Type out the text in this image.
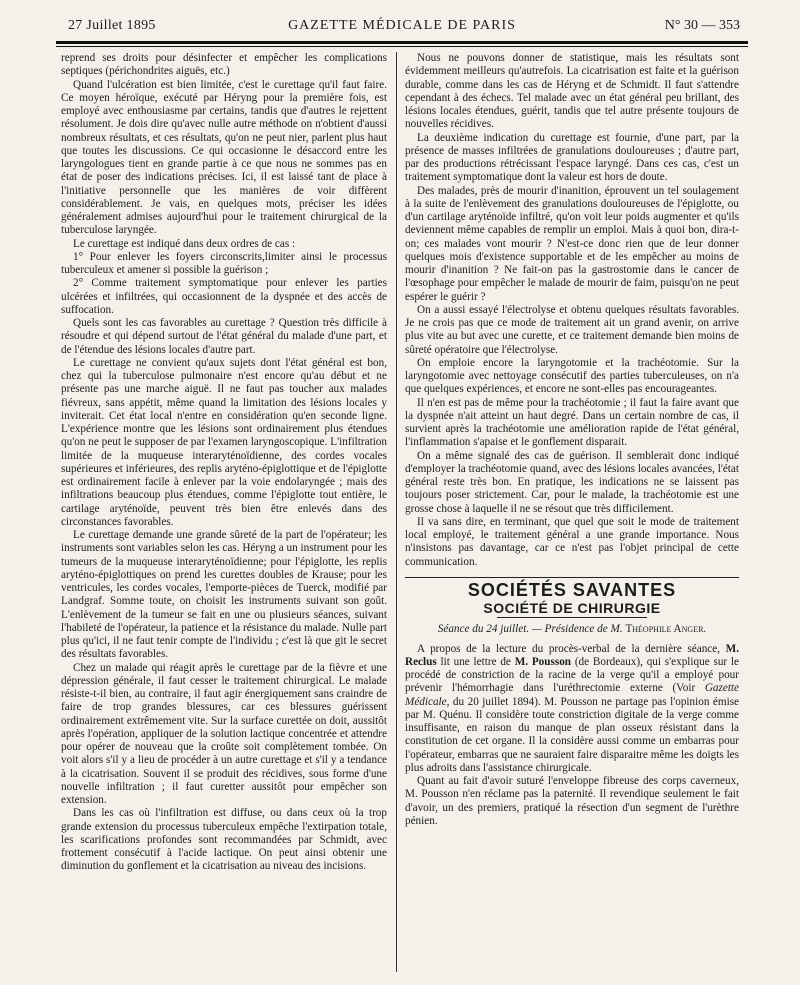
27 Juillet 1895	GAZETTE MÉDICALE DE PARIS	N° 30 — 353

reprend ses droits pour désinfecter et empêcher les complications septiques (périchondrites aiguës, etc.)

Quand l'ulcération est bien limitée, c'est le curettage qu'il faut faire. Ce moyen héroïque, exécuté par Héryng pour la première fois, est employé avec enthousiasme par certains, tandis que d'autres le rejettent résolument. Je dois dire qu'avec nulle autre méthode on n'obtient d'aussi nombreux résultats, et ces résultats, qu'on ne peut nier, parlent plus haut que toutes les discussions. Ce qui occasionne le désaccord entre les laryngologues tient en grande partie à ce que nous ne sommes pas en état de poser des indications précises. Ici, il est laissé tant de place à l'initiative personnelle que les manières de voir diffèrent considérablement. Je vais, en quelques mots, préciser les idées généralement admises aujourd'hui pour le traitement chirurgical de la tuberculose laryngée.

Le curettage est indiqué dans deux ordres de cas :

1° Pour enlever les foyers circonscrits,limiter ainsi le processus tuberculeux et amener si possible la guérison ;

2° Comme traitement symptomatique pour enlever les parties ulcérées et infiltrées, qui occasionnent de la dyspnée et des accès de suffocation.

Quels sont les cas favorables au curettage ? Question très difficile à résoudre et qui dépend surtout de l'état général du malade d'une part, et de l'étendue des lésions locales d'autre part.

Le curettage ne convient qu'aux sujets dont l'état général est bon, chez qui la tuberculose pulmonaire n'est encore qu'au début et ne présente pas une marche aiguë. Il ne faut pas toucher aux malades fiévreux, sans appétit, même quand la limitation des lésions locales y inviterait. Cet état local n'entre en considération qu'en seconde ligne. L'expérience montre que les lésions sont ordinairement plus étendues qu'on ne peut le supposer de par l'examen laryngoscopique. L'infiltration limitée de la muqueuse interaryténoïdienne, des cordes vocales supérieures et inférieures, des replis aryténo-épiglottique et de l'épiglotte est ordinairement facile à enlever par la voie endolaryngée ; mais des infiltrations beaucoup plus étendues, comme l'épiglotte tout entière, le cartilage aryténoïde, peuvent très bien être enlevés dans des circonstances favorables.

Le curettage demande une grande sûreté de la part de l'opérateur; les instruments sont variables selon les cas. Héryng a un instrument pour les tumeurs de la muqueuse interaryténoïdienne; pour l'épiglotte, les replis aryténo-épiglottiques on prend les curettes doubles de Krause; pour les ventricules, les cordes vocales, l'emporte-pièces de Tuerck, modifié par Landgraf. Somme toute, on choisit les instruments suivant son goût. L'enlèvement de la tumeur se fait en une ou plusieurs séances, suivant l'habileté de l'opérateur, la patience et la résistance du malade. Nulle part plus qu'ici, il ne faut tenir compte de l'individu ; c'est là que git le secret des résultats favorables.

Chez un malade qui réagit après le curettage par de la fièvre et une dépression générale, il faut cesser le traitement chirurgical. Le malade résiste-t-il bien, au contraire, il faut agir énergiquement sans craindre de faire de trop grandes blessures, car ces blessures guérissent ordinairement extrêmement vite. Sur la surface curettée on doit, aussitôt après l'opération, appliquer de la solution lactique concentrée et attendre pour opérer de nouveau que la croûte soit complètement tombée. On voit alors s'il y a lieu de procéder à un autre curettage et s'il y a tendance à la cicatrisation. Souvent il se produit des récidives, sous forme d'une nouvelle infiltration ; il faut curetter aussitôt pour empêcher son extension.

Dans les cas où l'infiltration est diffuse, ou dans ceux où la trop grande extension du processus tuberculeux empêche l'extirpation totale, les scarifications profondes sont recommandées par Schmidt, avec frottement consécutif à l'acide lactique. On peut ainsi obtenir une diminution du gonflement et la cicatrisation au niveau des incisions.

Nous ne pouvons donner de statistique, mais les résultats sont évidemment meilleurs qu'autrefois. La cicatrisation est faite et la guérison durable, comme dans les cas de Héryng et de Schmidt. Il faut s'attendre cependant à des échecs. Tel malade avec un état général peu brillant, des lésions locales étendues, guérit, tandis que tel autre présente toujours de nouvelles récidives.

La deuxième indication du curettage est fournie, d'une part, par la présence de masses infiltrées de granulations douloureuses ; d'autre part, par des productions rétrécissant l'espace laryngé. Dans ces cas, c'est un traitement symptomatique dont la valeur est hors de doute.

Des malades, près de mourir d'inanition, éprouvent un tel soulagement à la suite de l'enlèvement des granulations douloureuses de l'épiglotte, ou d'un cartilage aryténoïde infiltré, qu'on voit leur poids augmenter et qu'ils deviennent même capables de remplir un emploi. Mais à quoi bon, dira-t-on; ces malades vont mourir ? N'est-ce donc rien que de leur donner quelques mois d'existence supportable et de les empêcher au moins de mourir d'inanition ? Ne fait-on pas la gastrostomie dans le cancer de l'œsophage pour empêcher le malade de mourir de faim, puisqu'on ne peut espérer le guérir ?

On a aussi essayé l'électrolyse et obtenu quelques résultats favorables. Je ne crois pas que ce mode de traitement ait un grand avenir, on arrive plus vite au but avec une curette, et ce traitement demande bien moins de sûreté opératoire que l'électrolyse.

On emploie encore la laryngotomie et la trachéotomie. Sur la laryngotomie avec nettoyage consécutif des parties tuberculeuses, on n'a que quelques expériences, et encore ne sont-elles pas encourageantes.

Il n'en est pas de même pour la trachéotomie ; il faut la faire avant que la dyspnée n'ait atteint un haut degré. Dans un certain nombre de cas, il survient après la trachéotomie une amélioration rapide de l'état général, l'inflammation s'apaise et le gonflement disparait.

On a même signalé des cas de guérison. Il semblerait donc indiqué d'employer la trachéotomie quand, avec des lésions locales avancées, l'état général reste très bon. En pratique, les indications ne se laissent pas toujours poser strictement. Car, pour le malade, la trachéotomie est une grosse chose à laquelle il ne se résout que très difficilement.

Il va sans dire, en terminant, que quel que soit le mode de traitement local employé, le traitement général a une grande importance. Nous n'insistons pas davantage, car ce n'est pas l'objet principal de cette communication.

SOCIÉTÉS SAVANTES
SOCIÉTÉ DE CHIRURGIE
Séance du 24 juillet. — Présidence de M. Théophile Anger.

A propos de la lecture du procès-verbal de la dernière séance, M. Reclus lit une lettre de M. Pousson (de Bordeaux), qui s'explique sur le procédé de constriction de la racine de la verge qu'il a employé pour prévenir l'hémorrhagie dans l'uréthrectomie externe (Voir Gazette Médicale, du 20 juillet 1894). M. Pousson ne partage pas l'opinion émise par M. Quénu. Il considère toute constriction digitale de la verge comme insuffisante, en raison du manque de plan osseux résistant dans la constitution de cet organe. Il la considère aussi comme un embarras pour l'opérateur, embarras que ne sauraient faire disparaitre même les doigts les plus adroits dans l'assistance chirurgicale.

Quant au fait d'avoir suturé l'enveloppe fibreuse des corps caverneux, M. Pousson n'en réclame pas la paternité. Il revendique seulement le fait d'avoir, un des premiers, pratiqué la résection d'un segment de l'urèthre pénien.
